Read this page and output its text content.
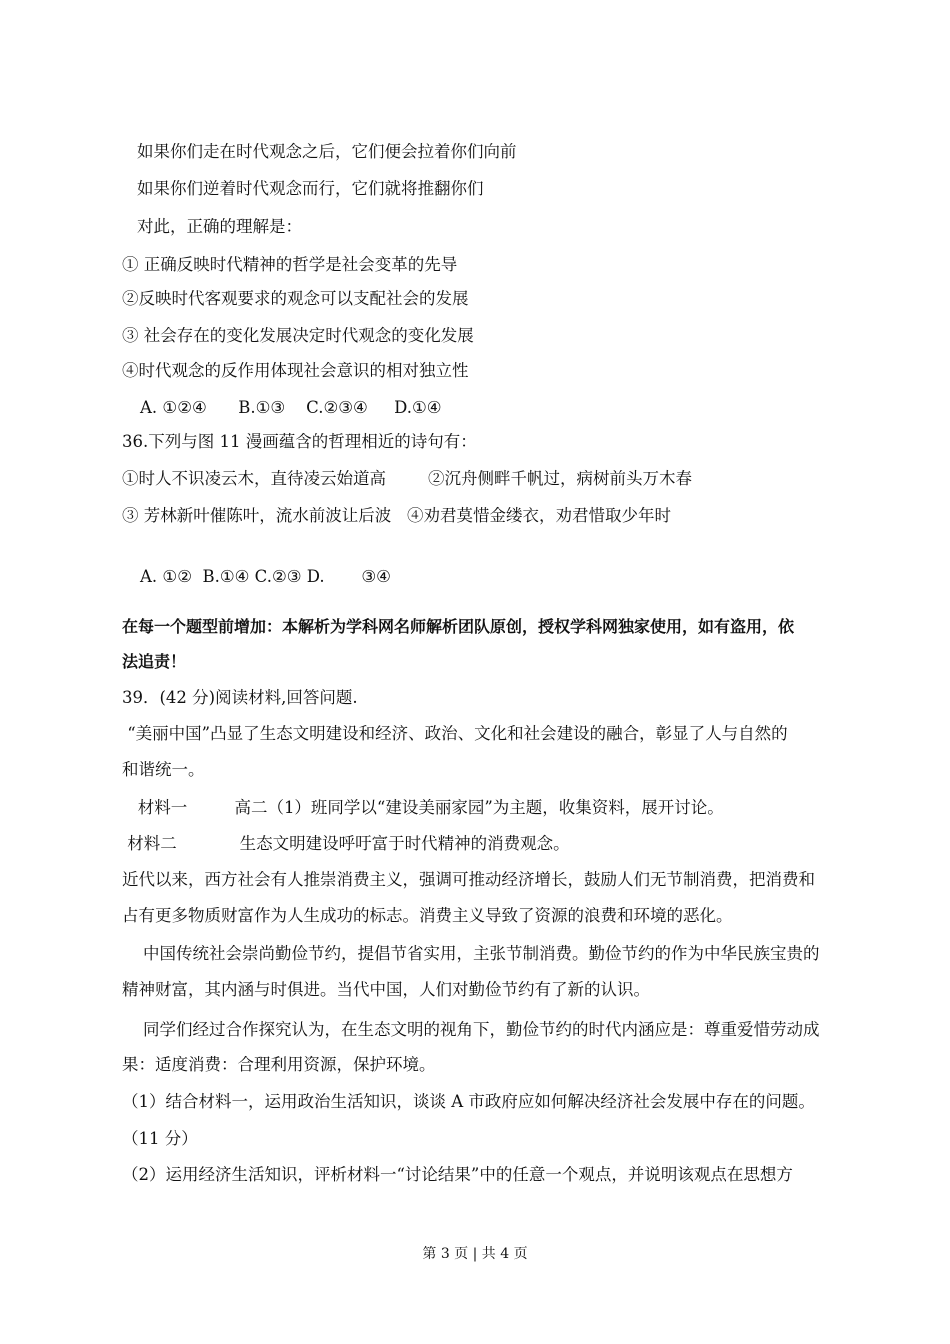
如果你们走在时代观念之后，它们便会拉着你们向前
如果你们逆着时代观念而行，它们就将推翻你们
对此，正确的理解是：
① 正确反映时代精神的哲学是社会变革的先导
②反映时代客观要求的观念可以支配社会的发展
③ 社会存在的变化发展决定时代观念的变化发展
④时代观念的反作用体现社会意识的相对独立性
A. ①②④      B.①③    C.②③④     D.①④
36.下列与图 11 漫画蕴含的哲理相近的诗句有：
①时人不识凌云木，直待凌云始道高        ②沉舟侧畔千帆过，病树前头万木春
③ 芳林新叶催陈叶，流水前波让后波   ④劝君莫惜金缕衣，劝君惜取少年时
A. ①②  B.①④ C.②③ D.       ③④
在每一个题型前增加：本解析为学科网名师解析团队原创，授权学科网独家使用，如有盗用，依
法追责！
39．(42 分)阅读材料,回答问题.
“美丽中国”凸显了生态文明建设和经济、政治、文化和社会建设的融合，彰显了人与自然的
和谐统一。
材料一         高二（1）班同学以“建设美丽家园”为主题，收集资料，展开讨论。
材料二            生态文明建设呼吁富于时代精神的消费观念。
近代以来，西方社会有人推崇消费主义，强调可推动经济增长，鼓励人们无节制消费，把消费和
占有更多物质财富作为人生成功的标志。消费主义导致了资源的浪费和环境的恶化。
中国传统社会崇尚勤俭节约，提倡节省实用，主张节制消费。勤俭节约的作为中华民族宝贵的
精神财富，其内涵与时俱进。当代中国，人们对勤俭节约有了新的认识。
同学们经过合作探究认为，在生态文明的视角下，勤俭节约的时代内涵应是：尊重爱惜劳动成
果：适度消费：合理利用资源，保护环境。
（1）结合材料一，运用政治生活知识，谈谈 A 市政府应如何解决经济社会发展中存在的问题。
（11 分）
（2）运用经济生活知识，评析材料一“讨论结果”中的任意一个观点，并说明该观点在思想方
第 3 页 | 共 4 页
